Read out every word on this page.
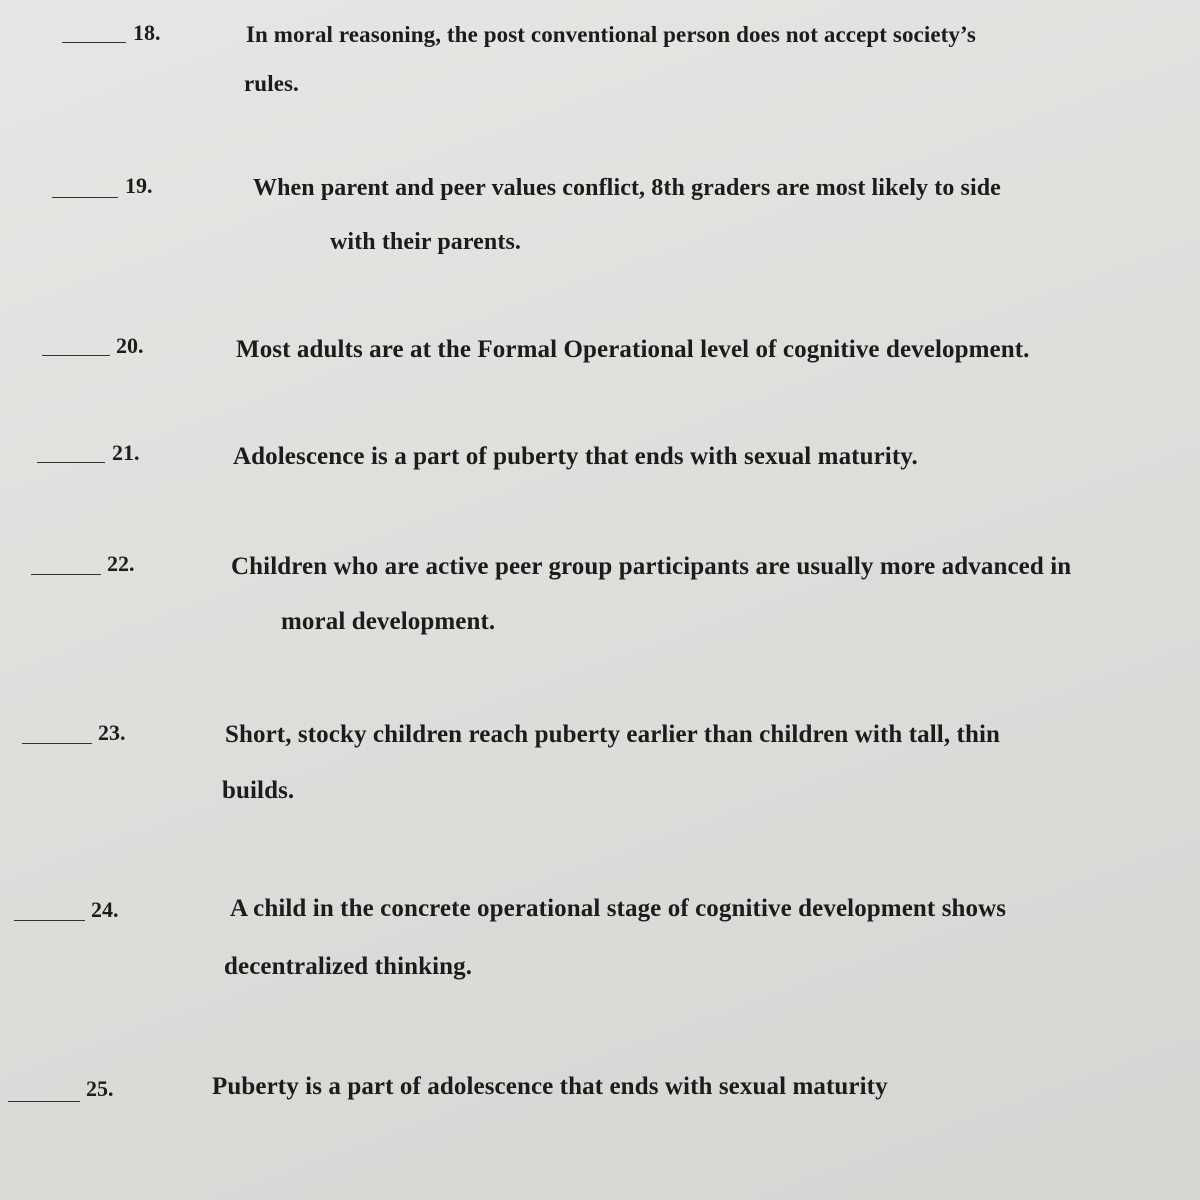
18.	In moral reasoning, the post conventional person does not accept society’s
rules.
19.	When parent and peer values conflict, 8th graders are most likely to side
with their parents.
20.	Most adults are at the Formal Operational level of cognitive development.
21.	Adolescence is a part of puberty that ends with sexual maturity.
22.	Children who are active peer group participants are usually more advanced in
moral development.
23.	Short, stocky children reach puberty earlier than children with tall, thin
builds.
24.	A child in the concrete operational stage of cognitive development shows
decentralized thinking.
25.	Puberty is a part of adolescence that ends with sexual maturity
